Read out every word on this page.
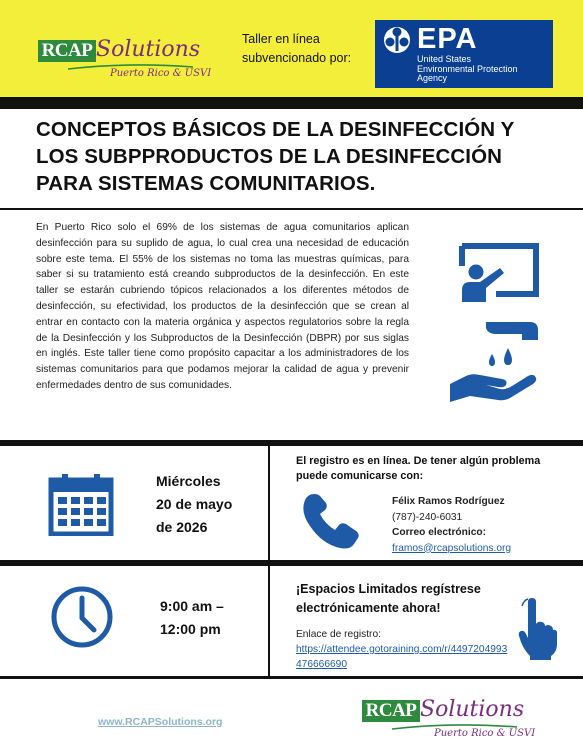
RCAP Solutions
Puerto Rico & USVI
Taller en línea
subvencionado por:
EPA
United States
Environmental Protection
Agency
CONCEPTOS BÁSICOS DE LA DESINFECCIÓN Y
LOS SUBPPRODUCTOS DE LA DESINFECCIÓN
PARA SISTEMAS COMUNITARIOS.
En Puerto Rico solo el 69% de los sistemas de agua comunitarios aplican desinfección para su suplido de agua, lo cual crea una necesidad de educación sobre este tema. El 55% de los sistemas no toma las muestras químicas, para saber si su tratamiento está creando subproductos de la desinfección. En este taller se estarán cubriendo tópicos relacionados a los diferentes métodos de desinfección, su efectividad, los productos de la desinfección que se crean al entrar en contacto con la materia orgánica y aspectos regulatorios sobre la regla de la Desinfección y los Subproductos de la Desinfección (DBPR) por sus siglas en inglés. Este taller tiene como propósito capacitar a los administradores de los sistemas comunitarios para que podamos mejorar la calidad de agua y prevenir enfermedades dentro de sus comunidades.
Miércoles
20 de mayo
de 2026
El registro es en línea. De tener algún problema puede comunicarse con:
Félix Ramos Rodríguez
(787)-240-6031
Correo electrónico:
framos@rcapsolutions.org
9:00 am –
12:00 pm
¡Espacios Limitados regístrese electrónicamente ahora!
Enlace de registro:
https://attendee.gotoraining.com/r/4497204993476666690
www.RCAPSolutions.org
RCAP Solutions
Puerto Rico & USVI
